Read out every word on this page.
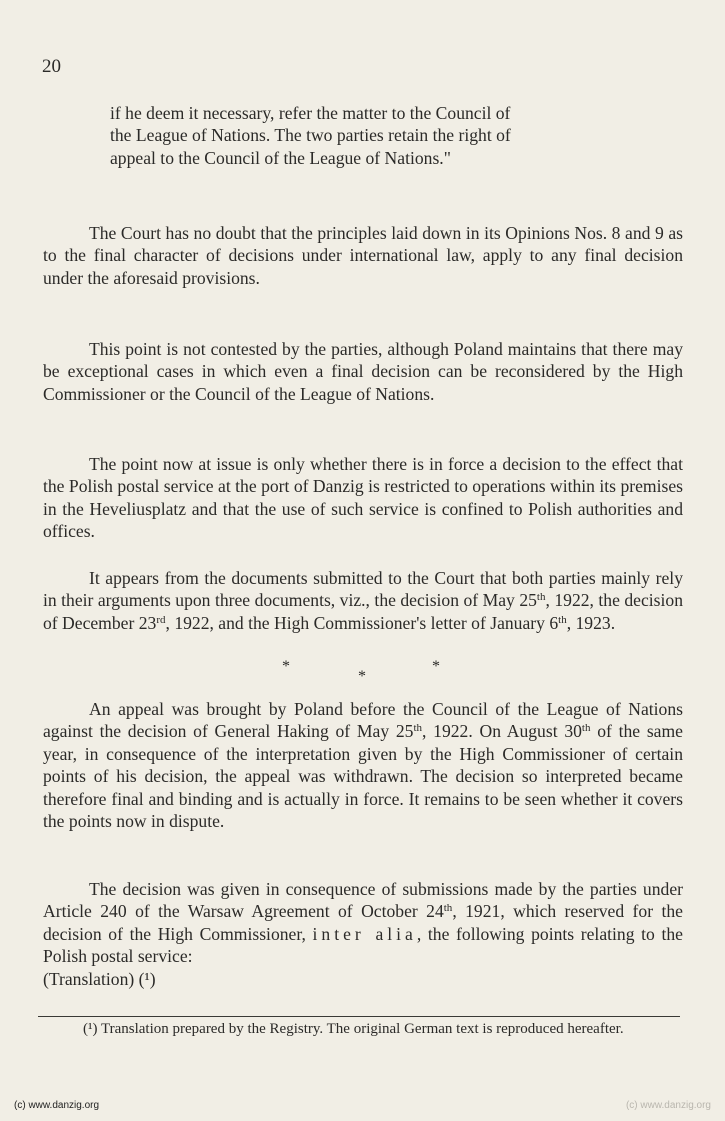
20

if he deem it necessary, refer the matter to the Council of

the League of Nations. The two parties retain the right of

appeal to the Council of the League of Nations."

The Court has no doubt that the principles laid down in its Opinions Nos. 8 and 9 as to the final character of decisions under international law, apply to any final decision under the aforesaid provisions.

This point is not contested by the parties, although Poland maintains that there may be exceptional cases in which even a final decision can be reconsidered by the High Commissioner or the Council of the League of Nations.

The point now at issue is only whether there is in force a decision to the effect that the Polish postal service at the port of Danzig is restricted to operations within its premises in the Heveliusplatz and that the use of such service is confined to Polish authorities and offices.

It appears from the documents submitted to the Court that both parties mainly rely in their arguments upon three documents, viz., the decision of May 25th, 1922, the decision of December 23rd, 1922, and the High Commissioner's letter of January 6th, 1923.

*
*
*

An appeal was brought by Poland before the Council of the League of Nations against the decision of General Haking of May 25th, 1922. On August 30th of the same year, in consequence of the interpretation given by the High Commissioner of certain points of his decision, the appeal was withdrawn. The decision so interpreted became therefore final and binding and is actually in force. It remains to be seen whether it covers the points now in dispute.

The decision was given in consequence of submissions made by the parties under Article 240 of the Warsaw Agreement of October 24th, 1921, which reserved for the decision of the High Commissioner, inter alia, the following points relating to the Polish postal service:

(Translation) (¹)

(¹) Translation prepared by the Registry. The original German text is reproduced hereafter.

(c) www.danzig.org	(c) www.danzig.org
